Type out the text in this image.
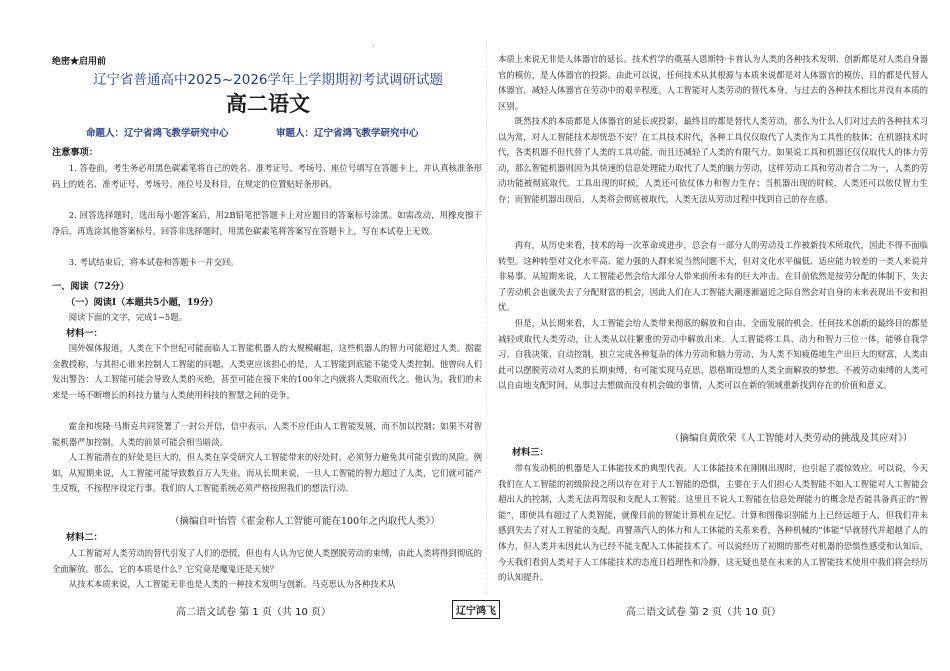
·
绝密★启用前
辽宁省普通高中2025~2026学年上学期期初考试调研试题
高二语文
命题人：辽宁省鸿飞教学研究中心	审题人：辽宁省鸿飞教学研究中心
注意事项：

1. 答卷前，考生务必用黑色碳素笔将自己的姓名、准考证号、考场号、座位号填写在答题卡上，并认真核准条形码上的姓名、准考证号、考场号、座位号及科目，在规定的位置贴好条形码。

2. 回答选择题时，选出每小题答案后，用2B铅笔把答题卡上对应题目的答案标号涂黑。如需改动，用橡皮擦干净后，再选涂其他答案标号。回答非选择题时，用黑色碳素笔将答案写在答题卡上，写在本试卷上无效。

3. 考试结束后，将本试卷和答题卡一并交回。

一、阅读（72分）
（一）阅读Ⅰ（本题共5小题，19分）

阅读下面的文字，完成1~5题。

材料一：

国外媒体报道，人类在下个世纪可能面临人工智能机器人的大规模崛起，这些机器人的智力可能超过人类。据霍金教授称，与其担心谁来控制人工智能的问题，人类更应该担心的是，人工智能到底能不能受人类控制。他曾向人们发出警告：人工智能可能会导致人类的灭绝，甚至可能在接下来的100年之内就将人类取而代之。他认为，我们的未来是一场不断增长的科技力量与人类使用科技的智慧之间的竞争。

霍金和埃隆·马斯克共同签署了一封公开信，信中表示，人类不应任由人工智能发展，而不加以控制；如果不对智能机器严加控制，人类的前景可能会相当暗淡。

人工智能潜在的好处是巨大的，但人类在享受研究人工智能带来的好处时，必须努力避免其可能引致的风险。例如，从短期来说，人工智能可能导致数百万人失业。而从长期来说，一旦人工智能的智力超过了人类，它们就可能产生反叛，不按程序设定行事。我们的人工智能系统必须严格按照我们的想法行动。

（摘编自叶怡管《霍金称人工智能可能在100年之内取代人类》）
材料二：

人工智能对人类劳动的替代引发了人们的恐慌，但也有人认为它使人类摆脱劳动的束缚，由此人类将得到彻底的全面解放。那么，它的本质是什么？它究竟是魔鬼还是天使？

从技术本质来说，人工智能无非也是人类的一种技术发明与创新。马克思认为各种技术从

高二语文试卷 第 1 页（共 10 页）	辽宁鸿飞

本质上来说无非是人体器官的延长。技术哲学的奠基人恩斯特·卡普认为人类的各种技术发明、创新都是对人类自身器官的模仿，是人体器官的投影。由此可以说，任何技术从其根源与本质来说都是对人体器官的模仿，目的都是代替人体器官，减轻人体器官在劳动中的艰辛程度。人工智能对人类劳动的替代本身，与过去的各种技术相比并没有本质的区别。

既然技术的本质都是人体器官的延长或投影，最终目的都是替代人类劳动，那么为什么人们对过去的各种技术习以为常，对人工智能技术却恍恐不安？在工具技术时代，各种工具仅仅取代了人类作为工具性的肢体；在机器技术时代，各类机器不但代替了人类的工具功能，而且还减轻了人类的有限气力。如果说工具和机器还仅仅取代人的体力劳动，那么智能机器则因为其快速的信息处理能力取代了人类的脑力劳动，这样劳动工具和劳动者合二为一，人类的劳动功能被彻底取代。工具出现的时候，人类还可依仗体力和智力生存；当机器出现的时候，人类还可以依仗智力生存；而智能机器出现后，人类将会彻底被取代，人类无法从劳动过程中找到自己的存在感。

再有，从历史来看，技术的每一次革命或进步，总会有一部分人的劳动及工作被新技术所取代，因此不得不面临转型。这种转型对文化水平高、能力强的人群来说当然问题不大，但对文化水平偏低、适应能力较差的一类人来说并非易事。从短期来说，人工智能必然会给大部分人带来前所未有的巨大冲击。在目前依然是按劳分配的体制下，失去了劳动机会也就失去了分配财富的机会，因此人们在人工智能大潮逐渐逼近之际自然会对自身的未来表现出不安和担忧。

但是，从长期来看，人工智能会给人类带来彻底的解放和自由、全面发展的机会。任何技术创新的最终目的都是减轻或取代人类劳动，让人类从以往繁重的劳动中解放出来。人工智能将工具、动力和智力三位一体，能够自我学习、自我决策、自动控制，独立完成各种复杂的体力劳动和脑力劳动，为人类不知疲倦地生产出巨大的财富，人类由此可以摆脱劳动对人类的长期束缚，有可能实现马克思、恩格斯设想的人类全面解放的梦想。不被劳动束缚的人类可以自由地支配时间，从事过去想做而没有机会做的事情，人类可以在新的领域重新找到存在的价值和意义。

（摘编自黄欣荣《人工智能对人类劳动的挑战及其应对》）
材料三：

带有发动机的机器是人工体能技术的典型代表。人工体能技术在刚刚出现时，也引起了震惊效应。可以说，今天我们在人工智能的初级阶段之所以存在对于人工智能的恐惧，主要在于人们担心人类智能不如人工智能对人工智能会超出人的控制，人类无法再驾驭和支配人工智能。这里且不说人工智能在信息处理能力的概念是否能具备真正的“智能”，即使具有超过了人类智能，就像目前的智能计算机在记忆、计算和图像识别能力上已经远超于人，但我们并未感到失去了对人工智能的支配。再譬蒸汽人的体力和人工体能的关系来看，各种机械的“体能”早就替代并超越了人的体力，但人类并未因此认为已经不能支配人工体能技术了。可以说经历了初期的那些对机器的恐惧性感受和认知后，今天我们看到人类对于人工体能技术的态度日趋理性和冷静，这无疑也是在未来的人工智能技术使用中我们将会经历的认知提升。

高二语文试卷 第 2 页（共 10 页）
